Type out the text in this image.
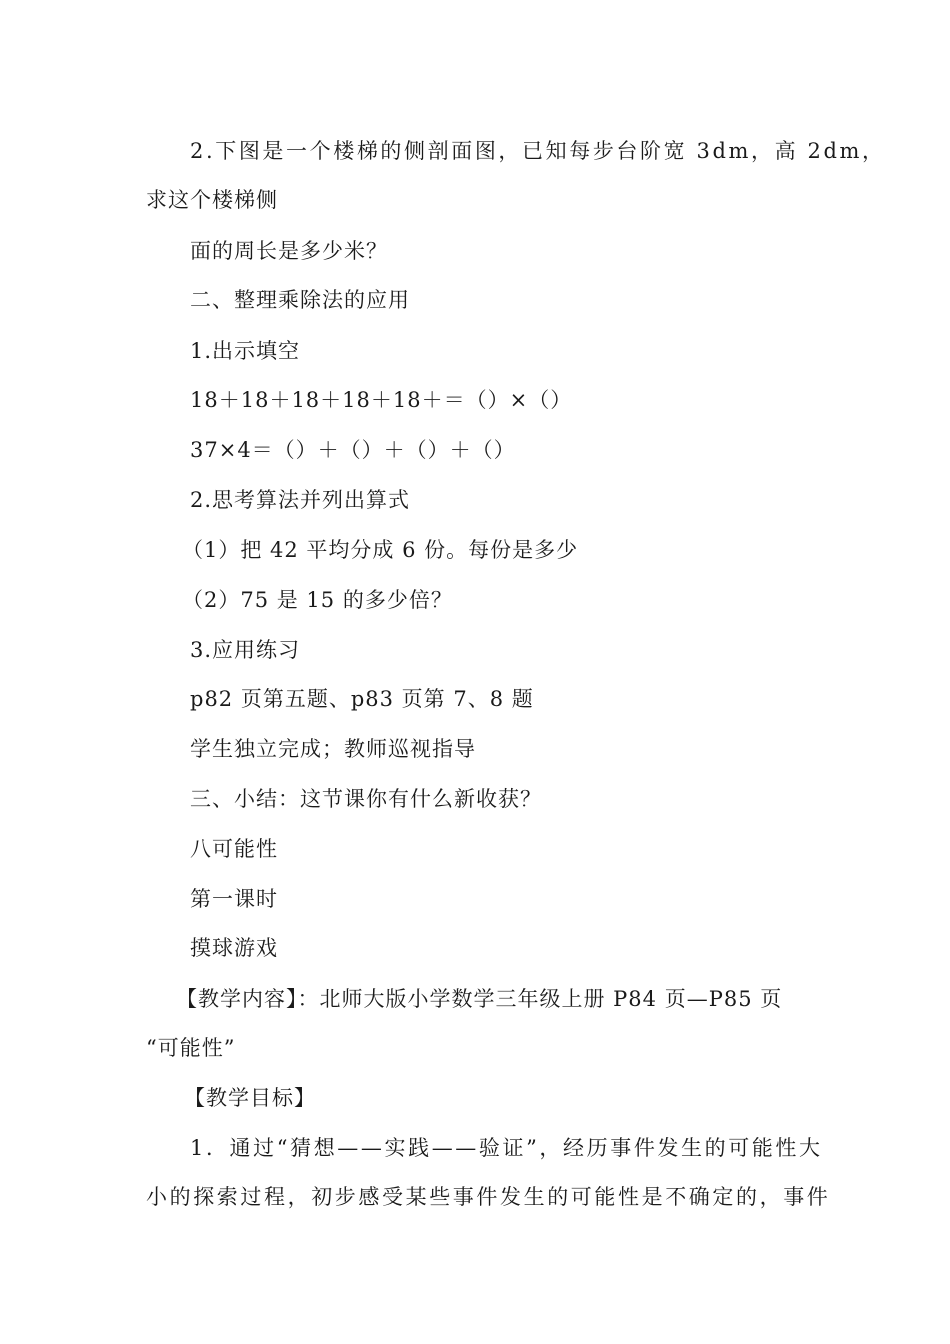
2.下图是一个楼梯的侧剖面图，已知每步台阶宽 3dm，高 2dm，
求这个楼梯侧
面的周长是多少米？
二、整理乘除法的应用
1.出示填空
18＋18＋18＋18＋18＋＝（）×（）
37×4＝（）＋（）＋（）＋（）
2.思考算法并列出算式
（1）把 42 平均分成 6 份。每份是多少
（2）75 是 15 的多少倍？
3.应用练习
p82 页第五题、p83 页第 7、8 题
学生独立完成；教师巡视指导
三、小结：这节课你有什么新收获？
八可能性
第一课时
摸球游戏
【教学内容】：北师大版小学数学三年级上册 P84 页—P85 页
“可能性”
【教学目标】
1．通过“猜想——实践——验证”，经历事件发生的可能性大
小的探索过程，初步感受某些事件发生的可能性是不确定的，事件
